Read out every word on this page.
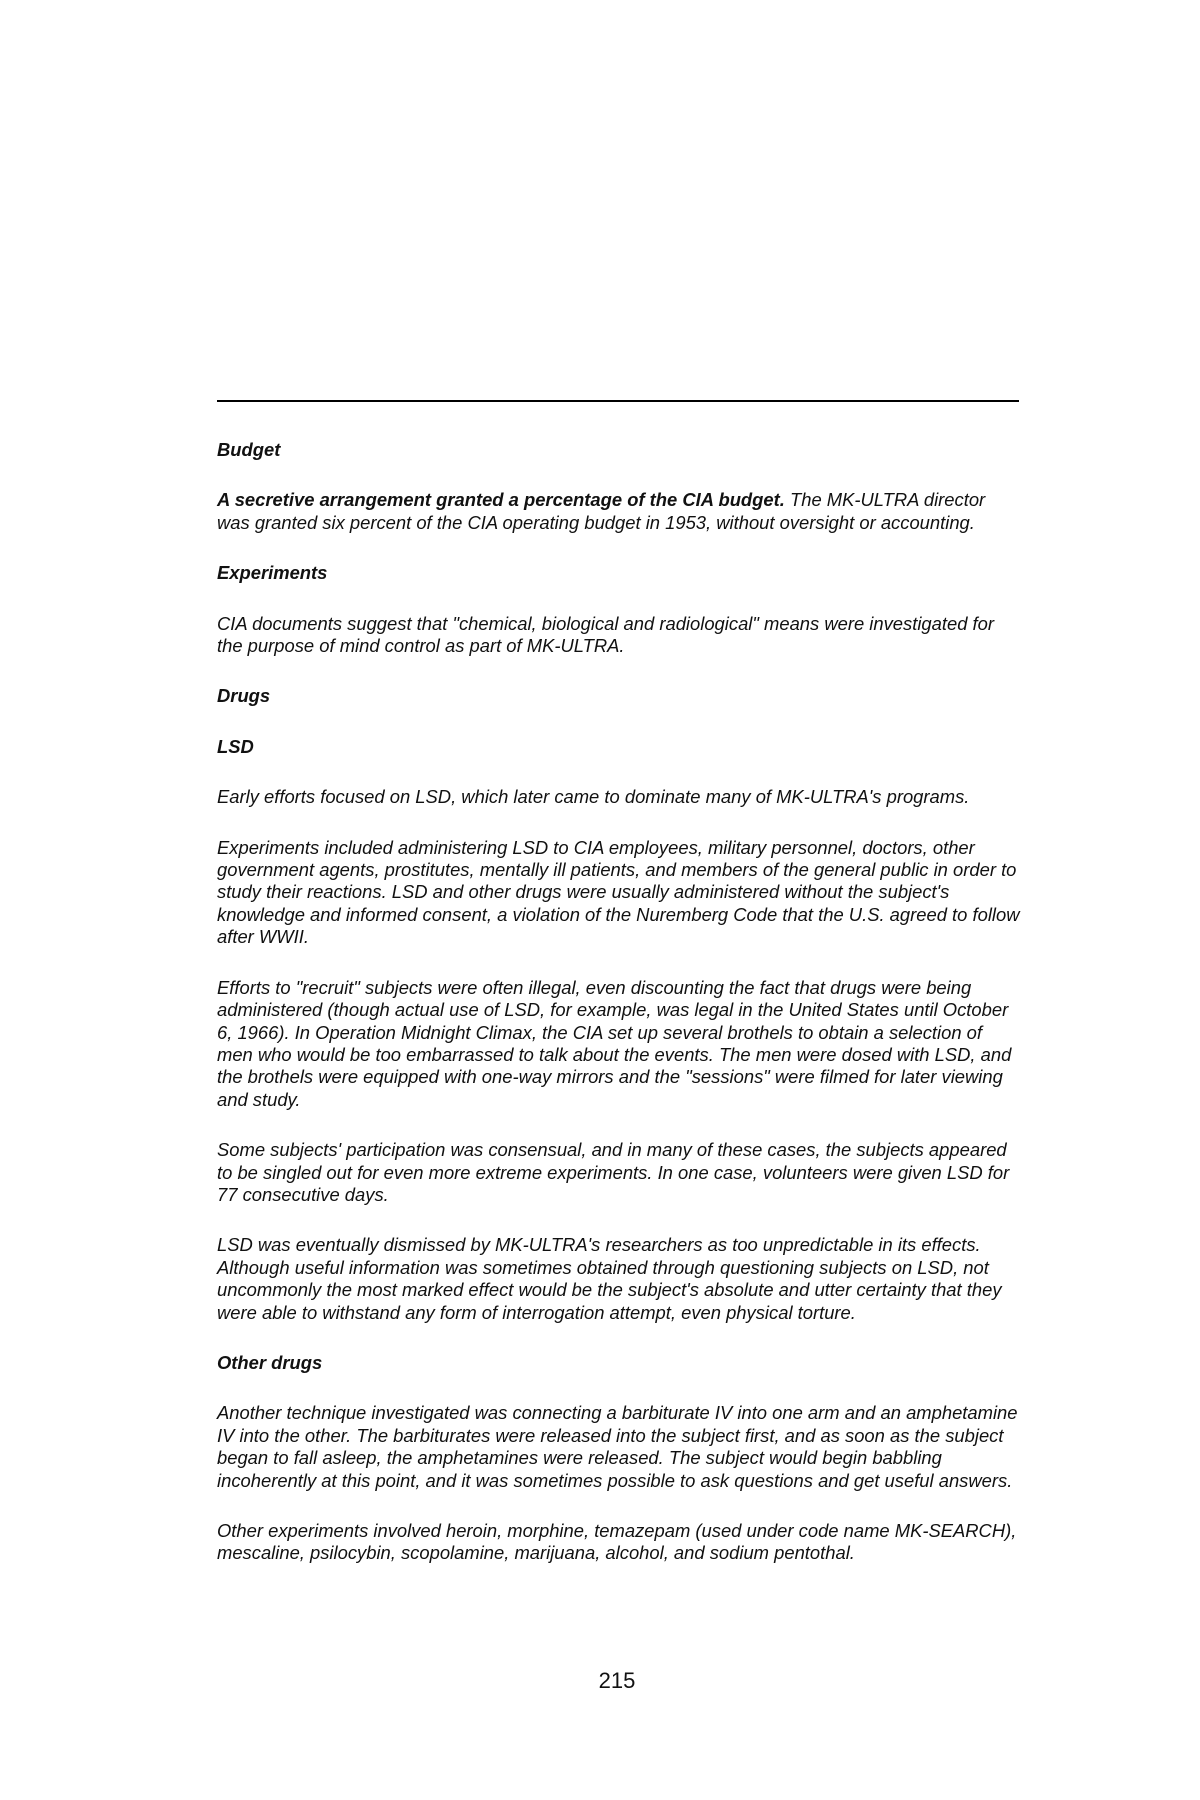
Budget

A secretive arrangement granted a percentage of the CIA budget. The MK-ULTRA director was granted six percent of the CIA operating budget in 1953, without oversight or accounting.

Experiments

CIA documents suggest that "chemical, biological and radiological" means were investigated for the purpose of mind control as part of MK-ULTRA.

Drugs
LSD

Early efforts focused on LSD, which later came to dominate many of MK-ULTRA's programs.

Experiments included administering LSD to CIA employees, military personnel, doctors, other government agents, prostitutes, mentally ill patients, and members of the general public in order to study their reactions. LSD and other drugs were usually administered without the subject's knowledge and informed consent, a violation of the Nuremberg Code that the U.S. agreed to follow after WWII.

Efforts to "recruit" subjects were often illegal, even discounting the fact that drugs were being administered (though actual use of LSD, for example, was legal in the United States until October 6, 1966). In Operation Midnight Climax, the CIA set up several brothels to obtain a selection of men who would be too embarrassed to talk about the events. The men were dosed with LSD, and the brothels were equipped with one-way mirrors and the "sessions" were filmed for later viewing and study.

Some subjects' participation was consensual, and in many of these cases, the subjects appeared to be singled out for even more extreme experiments. In one case, volunteers were given LSD for 77 consecutive days.

LSD was eventually dismissed by MK-ULTRA's researchers as too unpredictable in its effects. Although useful information was sometimes obtained through questioning subjects on LSD, not uncommonly the most marked effect would be the subject's absolute and utter certainty that they were able to withstand any form of interrogation attempt, even physical torture.

Other drugs

Another technique investigated was connecting a barbiturate IV into one arm and an amphetamine IV into the other. The barbiturates were released into the subject first, and as soon as the subject began to fall asleep, the amphetamines were released. The subject would begin babbling incoherently at this point, and it was sometimes possible to ask questions and get useful answers.

Other experiments involved heroin, morphine, temazepam (used under code name MK-SEARCH), mescaline, psilocybin, scopolamine, marijuana, alcohol, and sodium pentothal.

215
